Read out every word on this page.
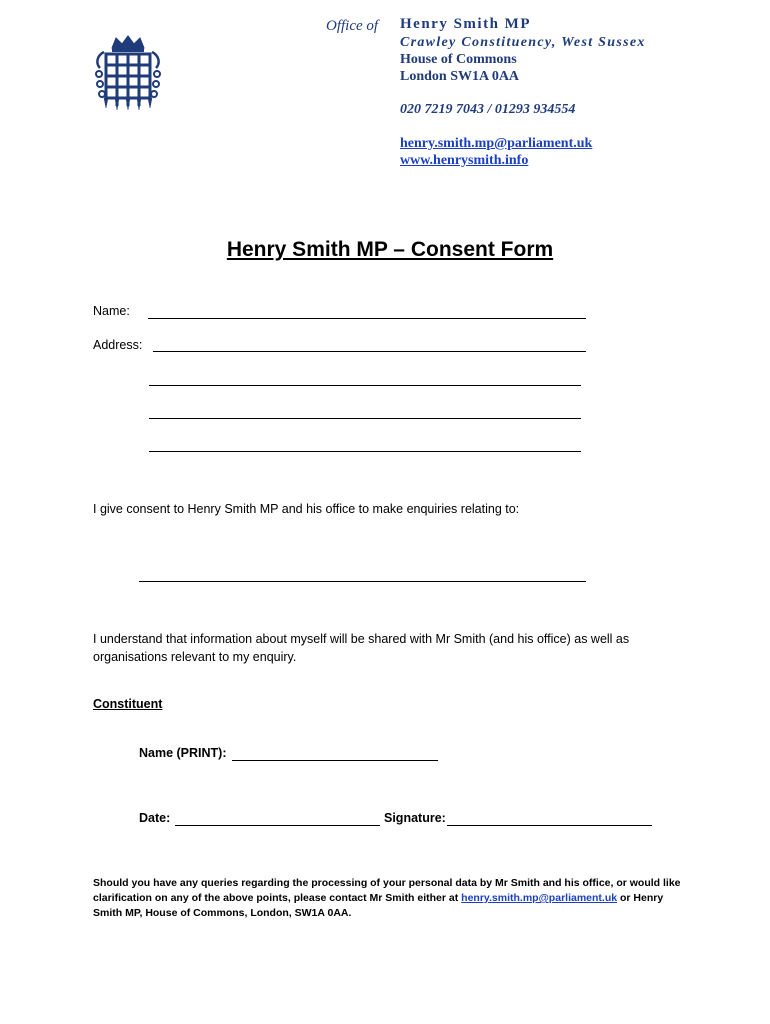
Office of Henry Smith MP
Crawley Constituency, West Sussex
House of Commons
London SW1A 0AA
020 7219 7043 / 01293 934554
henry.smith.mp@parliament.uk
www.henrysmith.info
Henry Smith MP – Consent Form
Name:
Address:
I give consent to Henry Smith MP and his office to make enquiries relating to:
I understand that information about myself will be shared with Mr Smith (and his office) as well as organisations relevant to my enquiry.
Constituent
Name (PRINT):
Date:	Signature:
Should you have any queries regarding the processing of your personal data by Mr Smith and his office, or would like clarification on any of the above points, please contact Mr Smith either at henry.smith.mp@parliament.uk or Henry Smith MP, House of Commons, London, SW1A 0AA.
